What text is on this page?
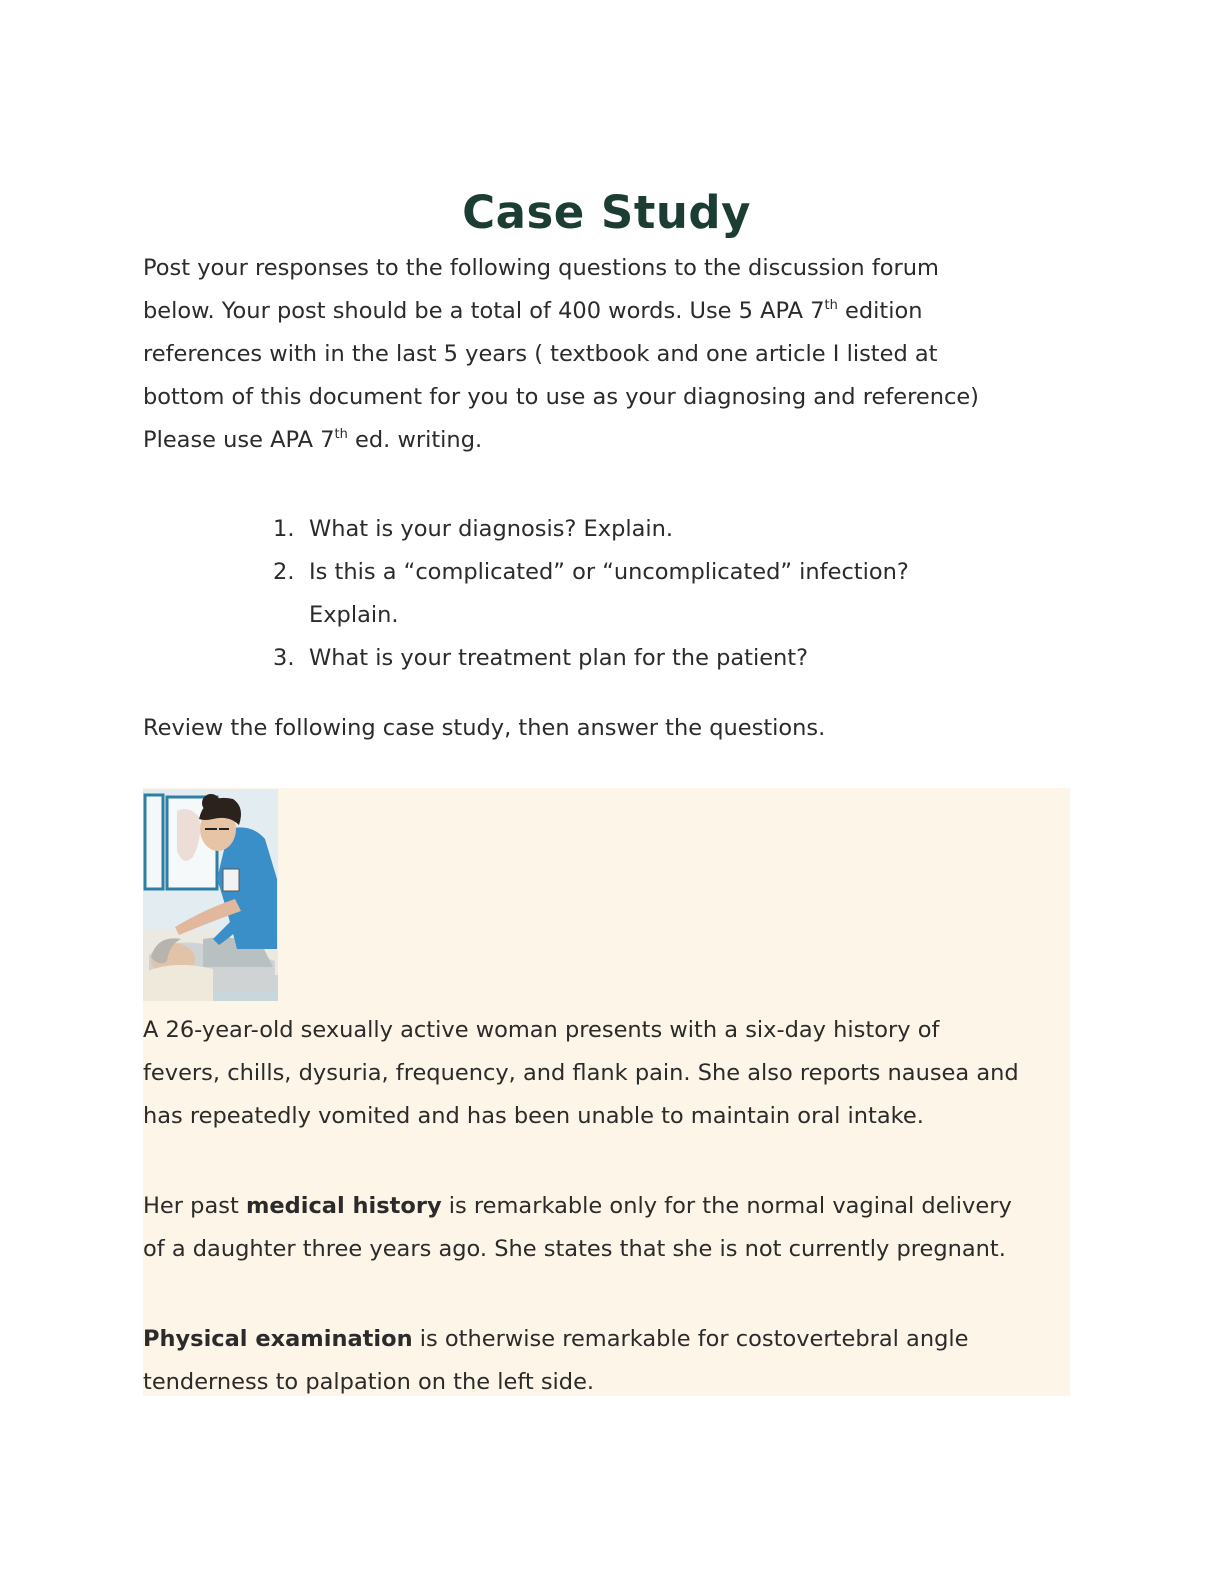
Case Study

Post your responses to the following questions to the discussion forum
below. Your post should be a total of 400 words. Use 5 APA 7th edition
references with in the last 5 years ( textbook and one article I listed at
bottom of this document for you to use as your diagnosing and reference)
Please use APA 7th ed. writing.

1. What is your diagnosis? Explain.
2. Is this a “complicated” or “uncomplicated” infection?
Explain.
3. What is your treatment plan for the patient?

Review the following case study, then answer the questions.

A 26-year-old sexually active woman presents with a six-day history of
fevers, chills, dysuria, frequency, and flank pain. She also reports nausea and
has repeatedly vomited and has been unable to maintain oral intake.

Her past medical history is remarkable only for the normal vaginal delivery
of a daughter three years ago. She states that she is not currently pregnant.

Physical examination is otherwise remarkable for costovertebral angle
tenderness to palpation on the left side.
